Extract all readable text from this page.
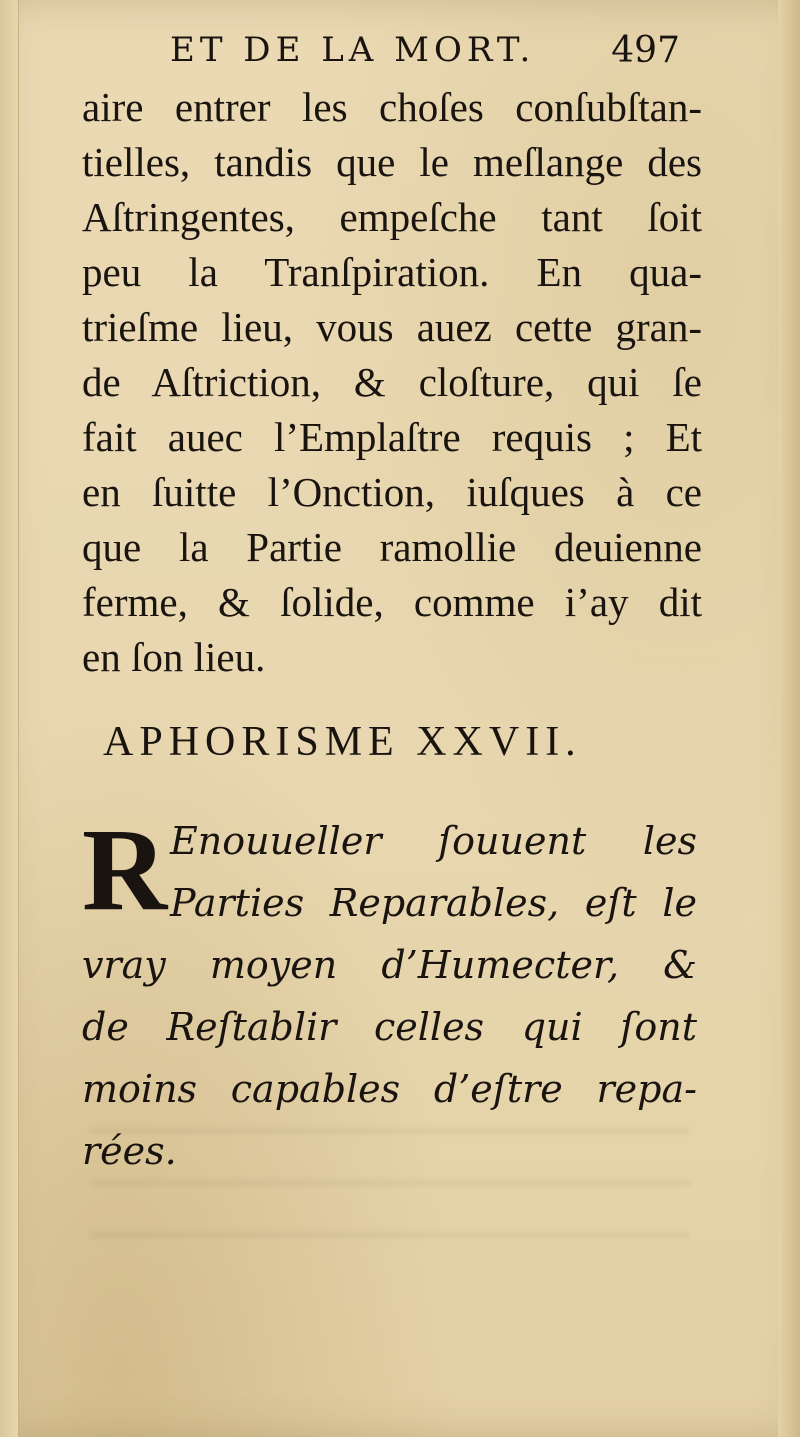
ET DE LA MORT. 497
aire entrer les choſes conſubſtan-
tielles, tandis que le meſlange des
Aſtringentes, empeſche tant ſoit
peu la Tranſpiration. En qua-
trieſme lieu, vous auez cette gran-
de Aſtriction, & cloſture, qui ſe
fait auec l’Emplaſtre requis ; Et
en ſuitte l’Onction, iuſques à ce
que la Partie ramollie deuienne
ferme, & ſolide, comme i’ay dit
en ſon lieu.
APHORISME XXVII.
R Enouueller ſouuent les
Parties Reparables, eſt le
vray moyen d’Humecter, &
de Reſtablir celles qui ſont
moins capables d’eſtre repa-
rées.
